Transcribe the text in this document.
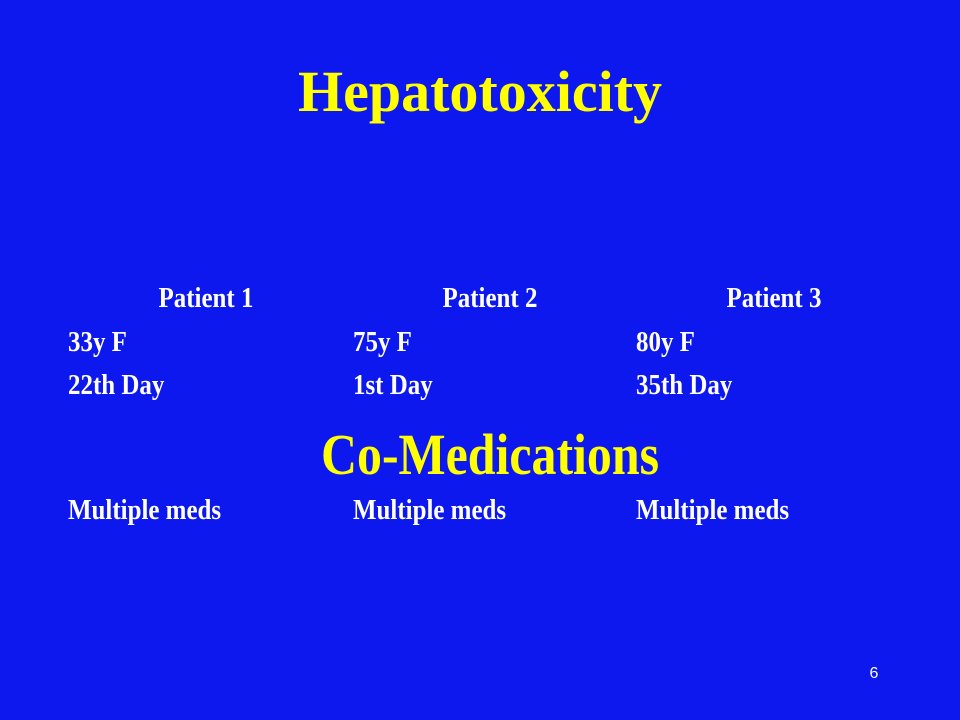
Hepatotoxicity
Patient 1	Patient 2	Patient 3
33y F	75y F	80y F
22th Day	1st Day	35th Day
Co-Medications
Multiple meds	Multiple meds	Multiple meds
6
